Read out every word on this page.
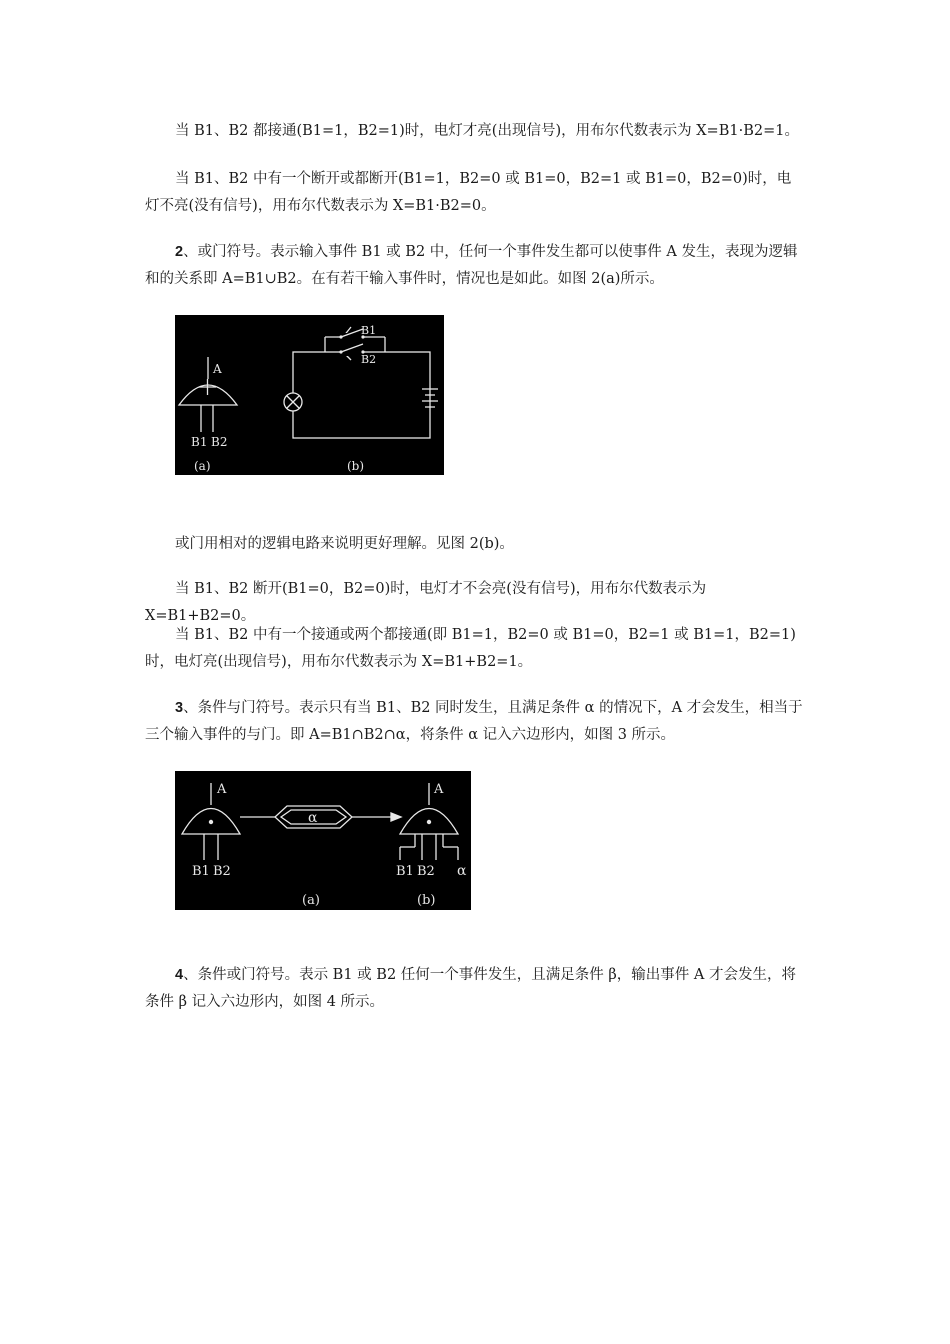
当 B1、B2 都接通(B1=1，B2=1)时，电灯才亮(出现信号)，用布尔代数表示为 X=B1·B2=1。

当 B1、B2 中有一个断开或都断开(B1=1，B2=0 或 B1=0，B2=1 或 B1=0，B2=0)时，电灯不亮(没有信号)，用布尔代数表示为 X=B1·B2=0。

2、或门符号。表示输入事件 B1 或 B2 中，任何一个事件发生都可以使事件 A 发生，表现为逻辑和的关系即 A=B1∪B2。在有若干输入事件时，情况也是如此。如图 2(a)所示。

A
B1 B2
B1
B2
(a)	(b)

或门用相对的逻辑电路来说明更好理解。见图 2(b)。

当 B1、B2 断开(B1=0，B2=0)时，电灯才不会亮(没有信号)，用布尔代数表示为 X=B1+B2=0。

当 B1、B2 中有一个接通或两个都接通(即 B1=1，B2=0 或 B1=0，B2=1 或 B1=1，B2=1)时，电灯亮(出现信号)，用布尔代数表示为 X=B1+B2=1。

3、条件与门符号。表示只有当 B1、B2 同时发生，且满足条件 α 的情况下，A 才会发生，相当于三个输入事件的与门。即 A=B1∩B2∩α，将条件 α 记入六边形内，如图 3 所示。

A	A
α
B1 B2	B1 B2 α
(a)	(b)

4、条件或门符号。表示 B1 或 B2 任何一个事件发生，且满足条件 β，输出事件 A 才会发生，将条件 β 记入六边形内，如图 4 所示。
